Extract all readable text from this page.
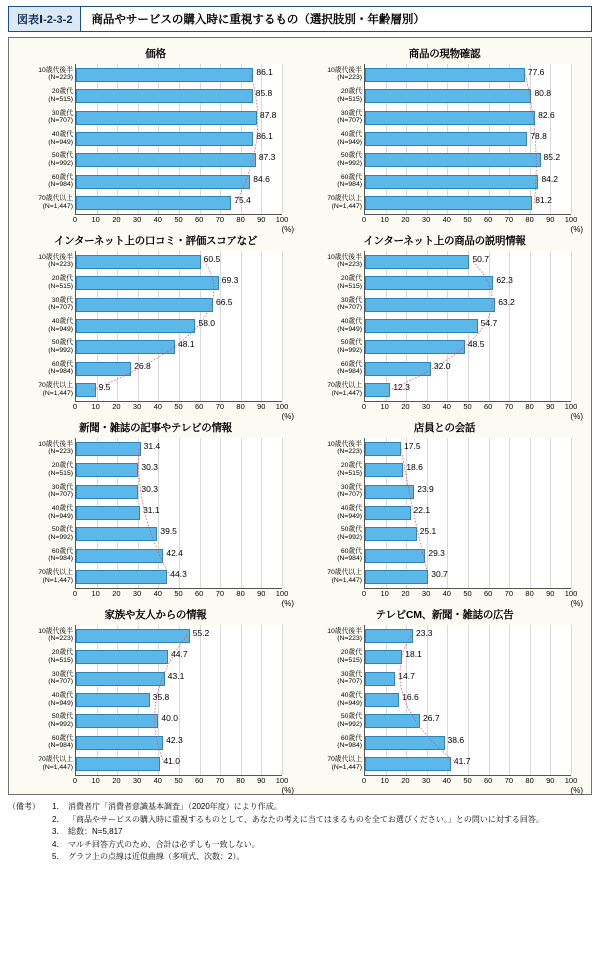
図表Ⅰ-2-3-2	商品やサービスの購入時に重視するもの（選択肢別・年齢層別）
価格
10歳代後半
(N=223)
86.1
20歳代
(N=515)
85.8
30歳代
(N=707)
87.8
40歳代
(N=949)
86.1
50歳代
(N=992)
87.3
60歳代
(N=984)
84.6
70歳代以上
(N=1,447)
75.4
0 10 20 30 40 50 60 70 80 90 100
(%)
商品の現物確認
10歳代後半
(N=223)
77.6
20歳代
(N=515)
80.8
30歳代
(N=707)
82.6
40歳代
(N=949)
78.8
50歳代
(N=992)
85.2
60歳代
(N=984)
84.2
70歳代以上
(N=1,447)
81.2
0 10 20 30 40 50 60 70 80 90 100
(%)
インターネット上の口コミ・評価スコアなど
10歳代後半
(N=223)
60.5
20歳代
(N=515)
69.3
30歳代
(N=707)
66.5
40歳代
(N=949)
58.0
50歳代
(N=992)
48.1
60歳代
(N=984)
26.8
70歳代以上
(N=1,447)
9.5
0 10 20 30 40 50 60 70 80 90 100
(%)
インターネット上の商品の説明情報
10歳代後半
(N=223)
50.7
20歳代
(N=515)
62.3
30歳代
(N=707)
63.2
40歳代
(N=949)
54.7
50歳代
(N=992)
48.5
60歳代
(N=984)
32.0
70歳代以上
(N=1,447)
12.3
0 10 20 30 40 50 60 70 80 90 100
(%)
新聞・雑誌の記事やテレビの情報
10歳代後半
(N=223)
31.4
20歳代
(N=515)
30.3
30歳代
(N=707)
30.3
40歳代
(N=949)
31.1
50歳代
(N=992)
39.5
60歳代
(N=984)
42.4
70歳代以上
(N=1,447)
44.3
0 10 20 30 40 50 60 70 80 90 100
(%)
店員との会話
10歳代後半
(N=223)
17.5
20歳代
(N=515)
18.6
30歳代
(N=707)
23.9
40歳代
(N=949)
22.1
50歳代
(N=992)
25.1
60歳代
(N=984)
29.3
70歳代以上
(N=1,447)
30.7
0 10 20 30 40 50 60 70 80 90 100
(%)
家族や友人からの情報
10歳代後半
(N=223)
55.2
20歳代
(N=515)
44.7
30歳代
(N=707)
43.1
40歳代
(N=949)
35.8
50歳代
(N=992)
40.0
60歳代
(N=984)
42.3
70歳代以上
(N=1,447)
41.0
0 10 20 30 40 50 60 70 80 90 100
(%)
テレビCM、新聞・雑誌の広告
10歳代後半
(N=223)
23.3
20歳代
(N=515)
18.1
30歳代
(N=707)
14.7
40歳代
(N=949)
16.6
50歳代
(N=992)
26.7
60歳代
(N=984)
38.6
70歳代以上
(N=1,447)
41.7
0 10 20 30 40 50 60 70 80 90 100
(%)
（備考）	1． 消費者庁「消費者意識基本調査」（2020年度）により作成。
2． 「商品やサービスの購入時に重視するものとして、あなたの考えに当てはまるものを全てお選びください。」との問いに対する回答。
3． 総数：N=5,817
4． マルチ回答方式のため、合計は必ずしも一致しない。
5． グラフ上の点線は近似曲線（多項式、次数：2）。
